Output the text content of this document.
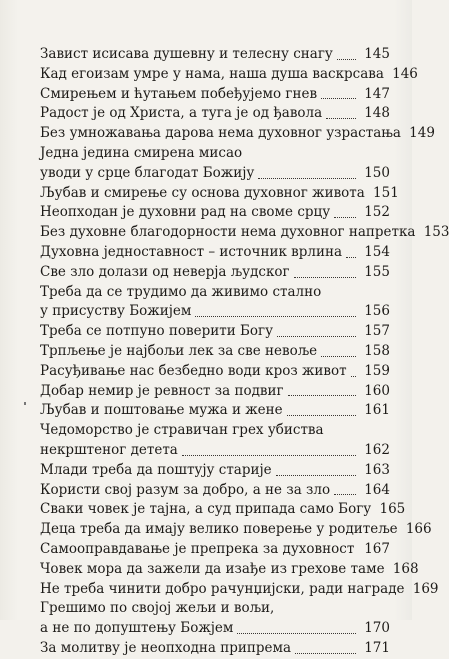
Завист исисава душевну и телесну снагу	145
Кад егоизам умре у нама, наша душа васкрсава 146
Смирењем и ћутањем побеђујемо гнев	147
Радост је од Христа, а туга је од ђавола	148
Без умножавања дарова нема духовног узрастања 149
Једна једина смирена мисао
уводи у срце благодат Божију	150
Љубав и смирење су основа духовног живота 151
Неопходан је духовни рад на своме срцу	152
Без духовне благодорности нема духовног напретка 153
Духовна једноставност – источник врлина	154
Све зло долази од неверја људског	155
Треба да се трудимо да живимо стално
у присуству Божијем	156
Треба се потпуно поверити Богу	157
Трпљење је најбољи лек за све невоље	158
Расуђивање нас безбедно води кроз живот	159
Добар немир је ревност за подвиг	160
Љубав и поштовање мужа и жене	161
Чедоморство је стравичан грех убиства
некрштеног детета	162
Млади треба да поштују старије	163
Користи свој разум за добро, а не за зло	164
Сваки човек је тајна, а суд припада само Богу 165
Деца треба да имају велико поверење у родитеље 166
Самооправдавање је препрека за духовност 167
Човек мора да зажели да изађе из грехове таме 168
Не треба чинити добро рачунџијски, ради награде 169
Грешимо по својој жељи и вољи,
а не по допуштењу Божјем	170
За молитву је неопходна припрема	171
